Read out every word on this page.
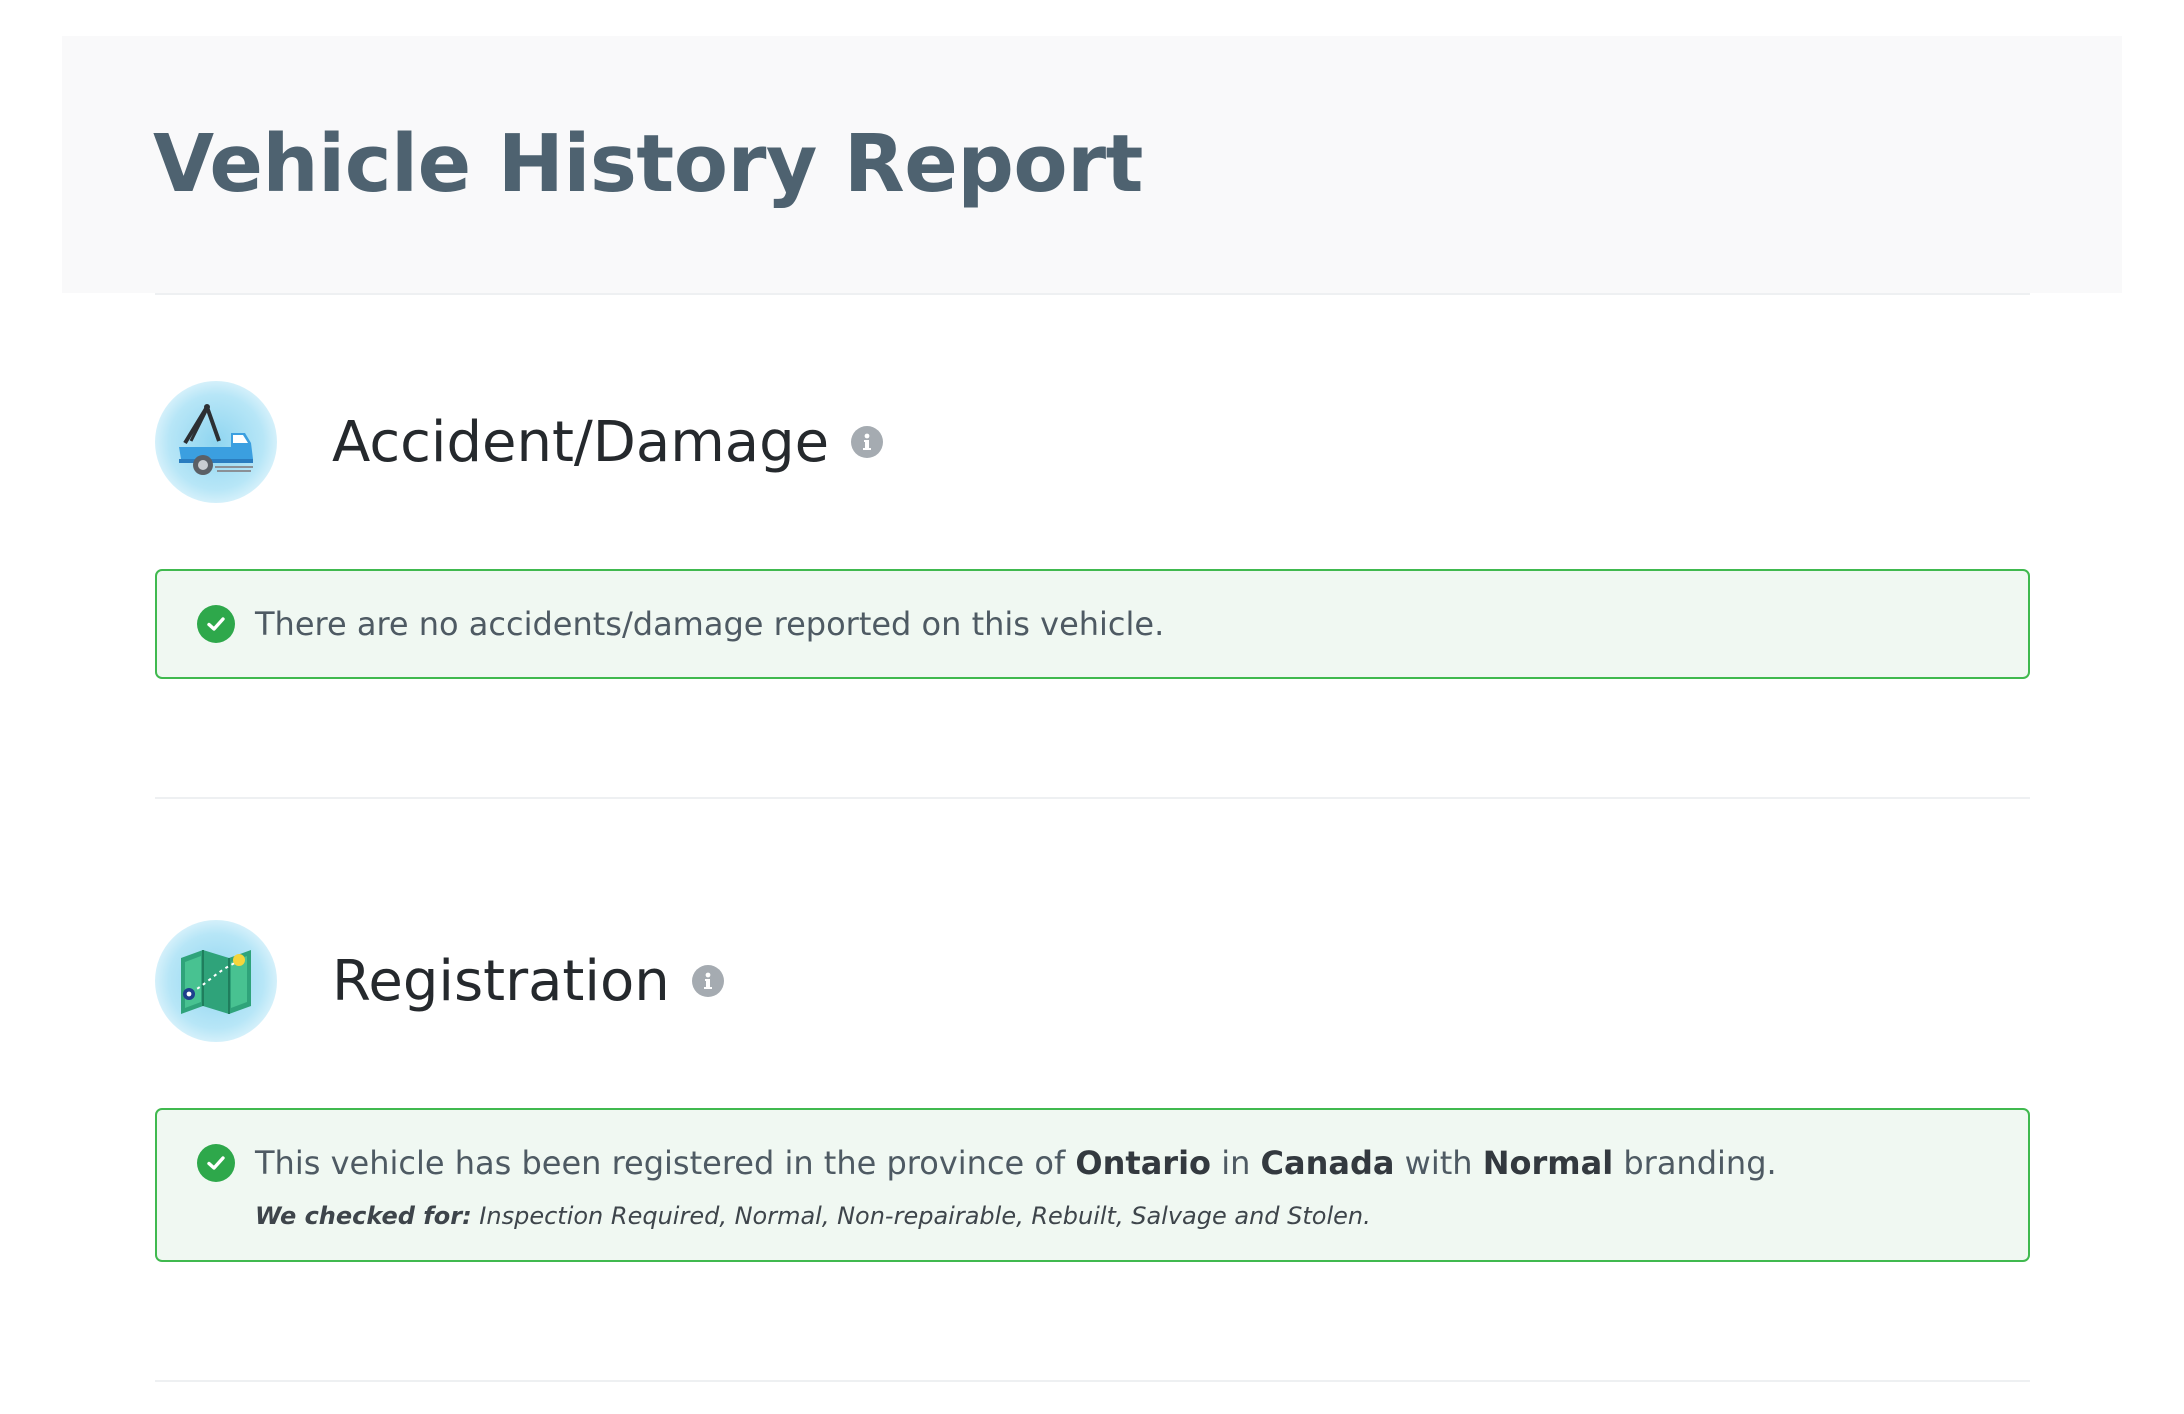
Vehicle History Report
Accident/Damage
There are no accidents/damage reported on this vehicle.
Registration
This vehicle has been registered in the province of Ontario in Canada with Normal branding.
We checked for: Inspection Required, Normal, Non-repairable, Rebuilt, Salvage and Stolen.
